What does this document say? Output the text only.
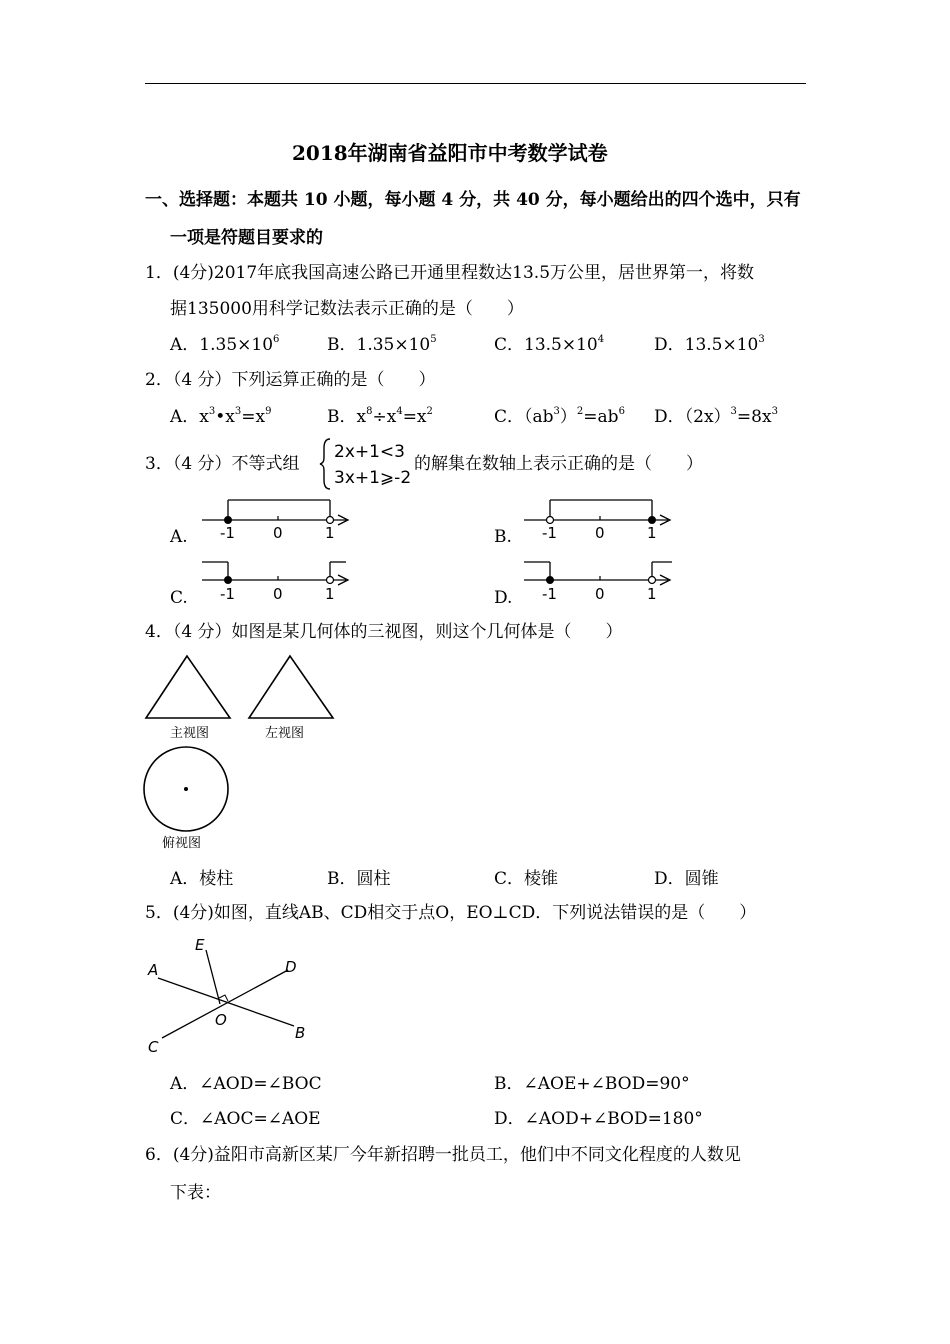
2018年湖南省益阳市中考数学试卷
一、选择题：本题共 10 小题，每小题 4 分，共 40 分，每小题给出的四个选中，只有
一项是符题目要求的
1．(4分)2017年底我国高速公路已开通里程数达13.5万公里，居世界第一，将数
据135000用科学记数法表示正确的是（　　）
A．$1.35\times 10^6$	B．$1.35\times 10^5$	C．$13.5\times 10^4$	D．$13.5\times 10^3$
2．（4 分）下列运算正确的是（　　）
A．$x^3•x^3=x^9$	B．$x^8\div x^4=x^2$	C．$(ab^3)^2=ab^6$ D．$(2x)^3=8x^3$
3．（4 分）不等式组
2x+1<3
3x+1⩾-2
的解集在数轴上表示正确的是（　　）
A. -1	0	1	B. -1	0	1
C. -1	0	1	D. -1	0	1
4．（4 分）如图是某几何体的三视图，则这个几何体是（　　）
主视图	左视图
俯视图
A．棱柱	B．圆柱	C．棱锥	D．圆锥
5．(4分)如图，直线AB、CD相交于点O，EO⊥CD．下列说法错误的是（　　）
A
B
C
D
E
O
A．∠AOD=∠BOC	B．∠AOE+∠BOD=90°
C．∠AOC=∠AOE	D．∠AOD+∠BOD=180°
6．(4分)益阳市高新区某厂今年新招聘一批员工，他们中不同文化程度的人数见
下表：
